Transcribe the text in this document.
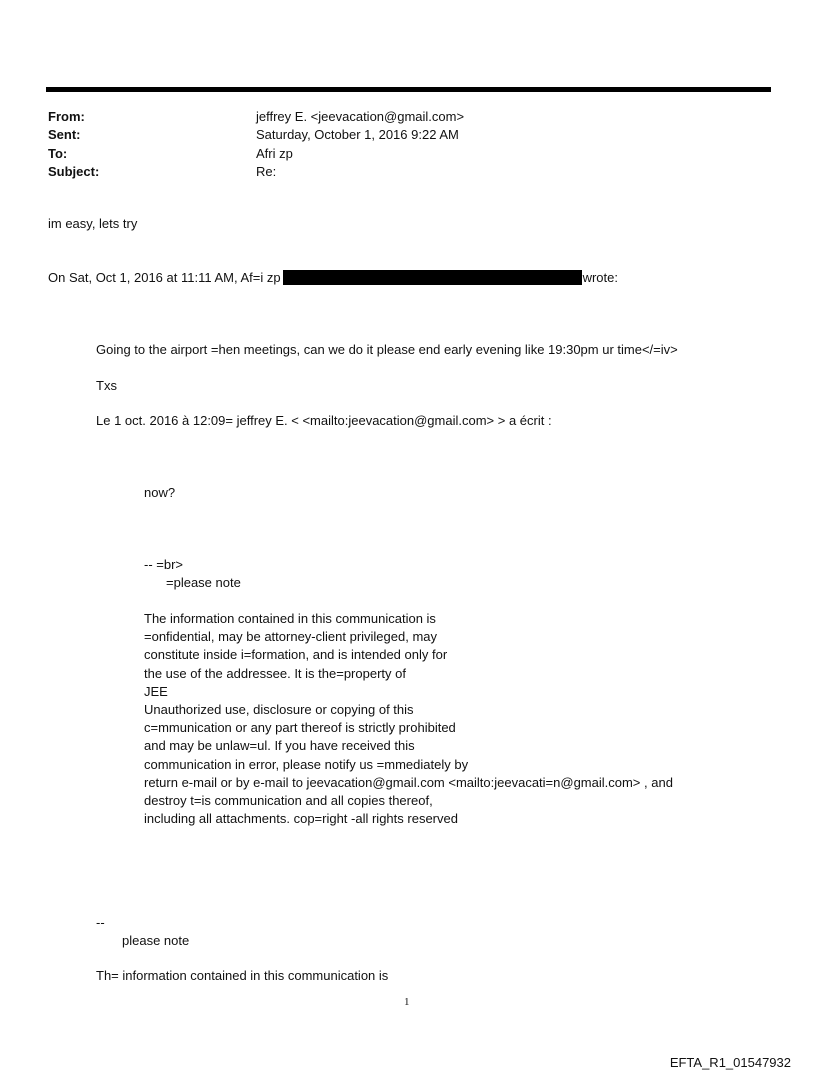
From:	jeffrey E. <jeevacation@gmail.com>
Sent:	Saturday, October 1, 2016 9:22 AM
To:	Afri zp
Subject:	Re:
im easy, lets try
On Sat, Oct 1, 2016 at 11:11 AM, Af=i zp	wrote:
Going to the airport =hen meetings, can we do it please end early evening like 19:30pm ur time</=iv>
Txs
Le 1 oct. 2016 à 12:09= jeffrey E. < <mailto:jeevacation@gmail.com> > a écrit :
now?
-- =br>
=please note
The information contained in this communication is
=onfidential, may be attorney-client privileged, may
constitute inside i=formation, and is intended only for
the use of the addressee. It is the=property of
JEE
Unauthorized use, disclosure or copying of this
c=mmunication or any part thereof is strictly prohibited
and may be unlaw=ul. If you have received this
communication in error, please notify us =mmediately by
return e-mail or by e-mail to jeevacation@gmail.com <mailto:jeevacati=n@gmail.com> , and
destroy t=is communication and all copies thereof,
including all attachments. cop=right -all rights reserved
--
please note
Th= information contained in this communication is
1
EFTA_R1_01547932
